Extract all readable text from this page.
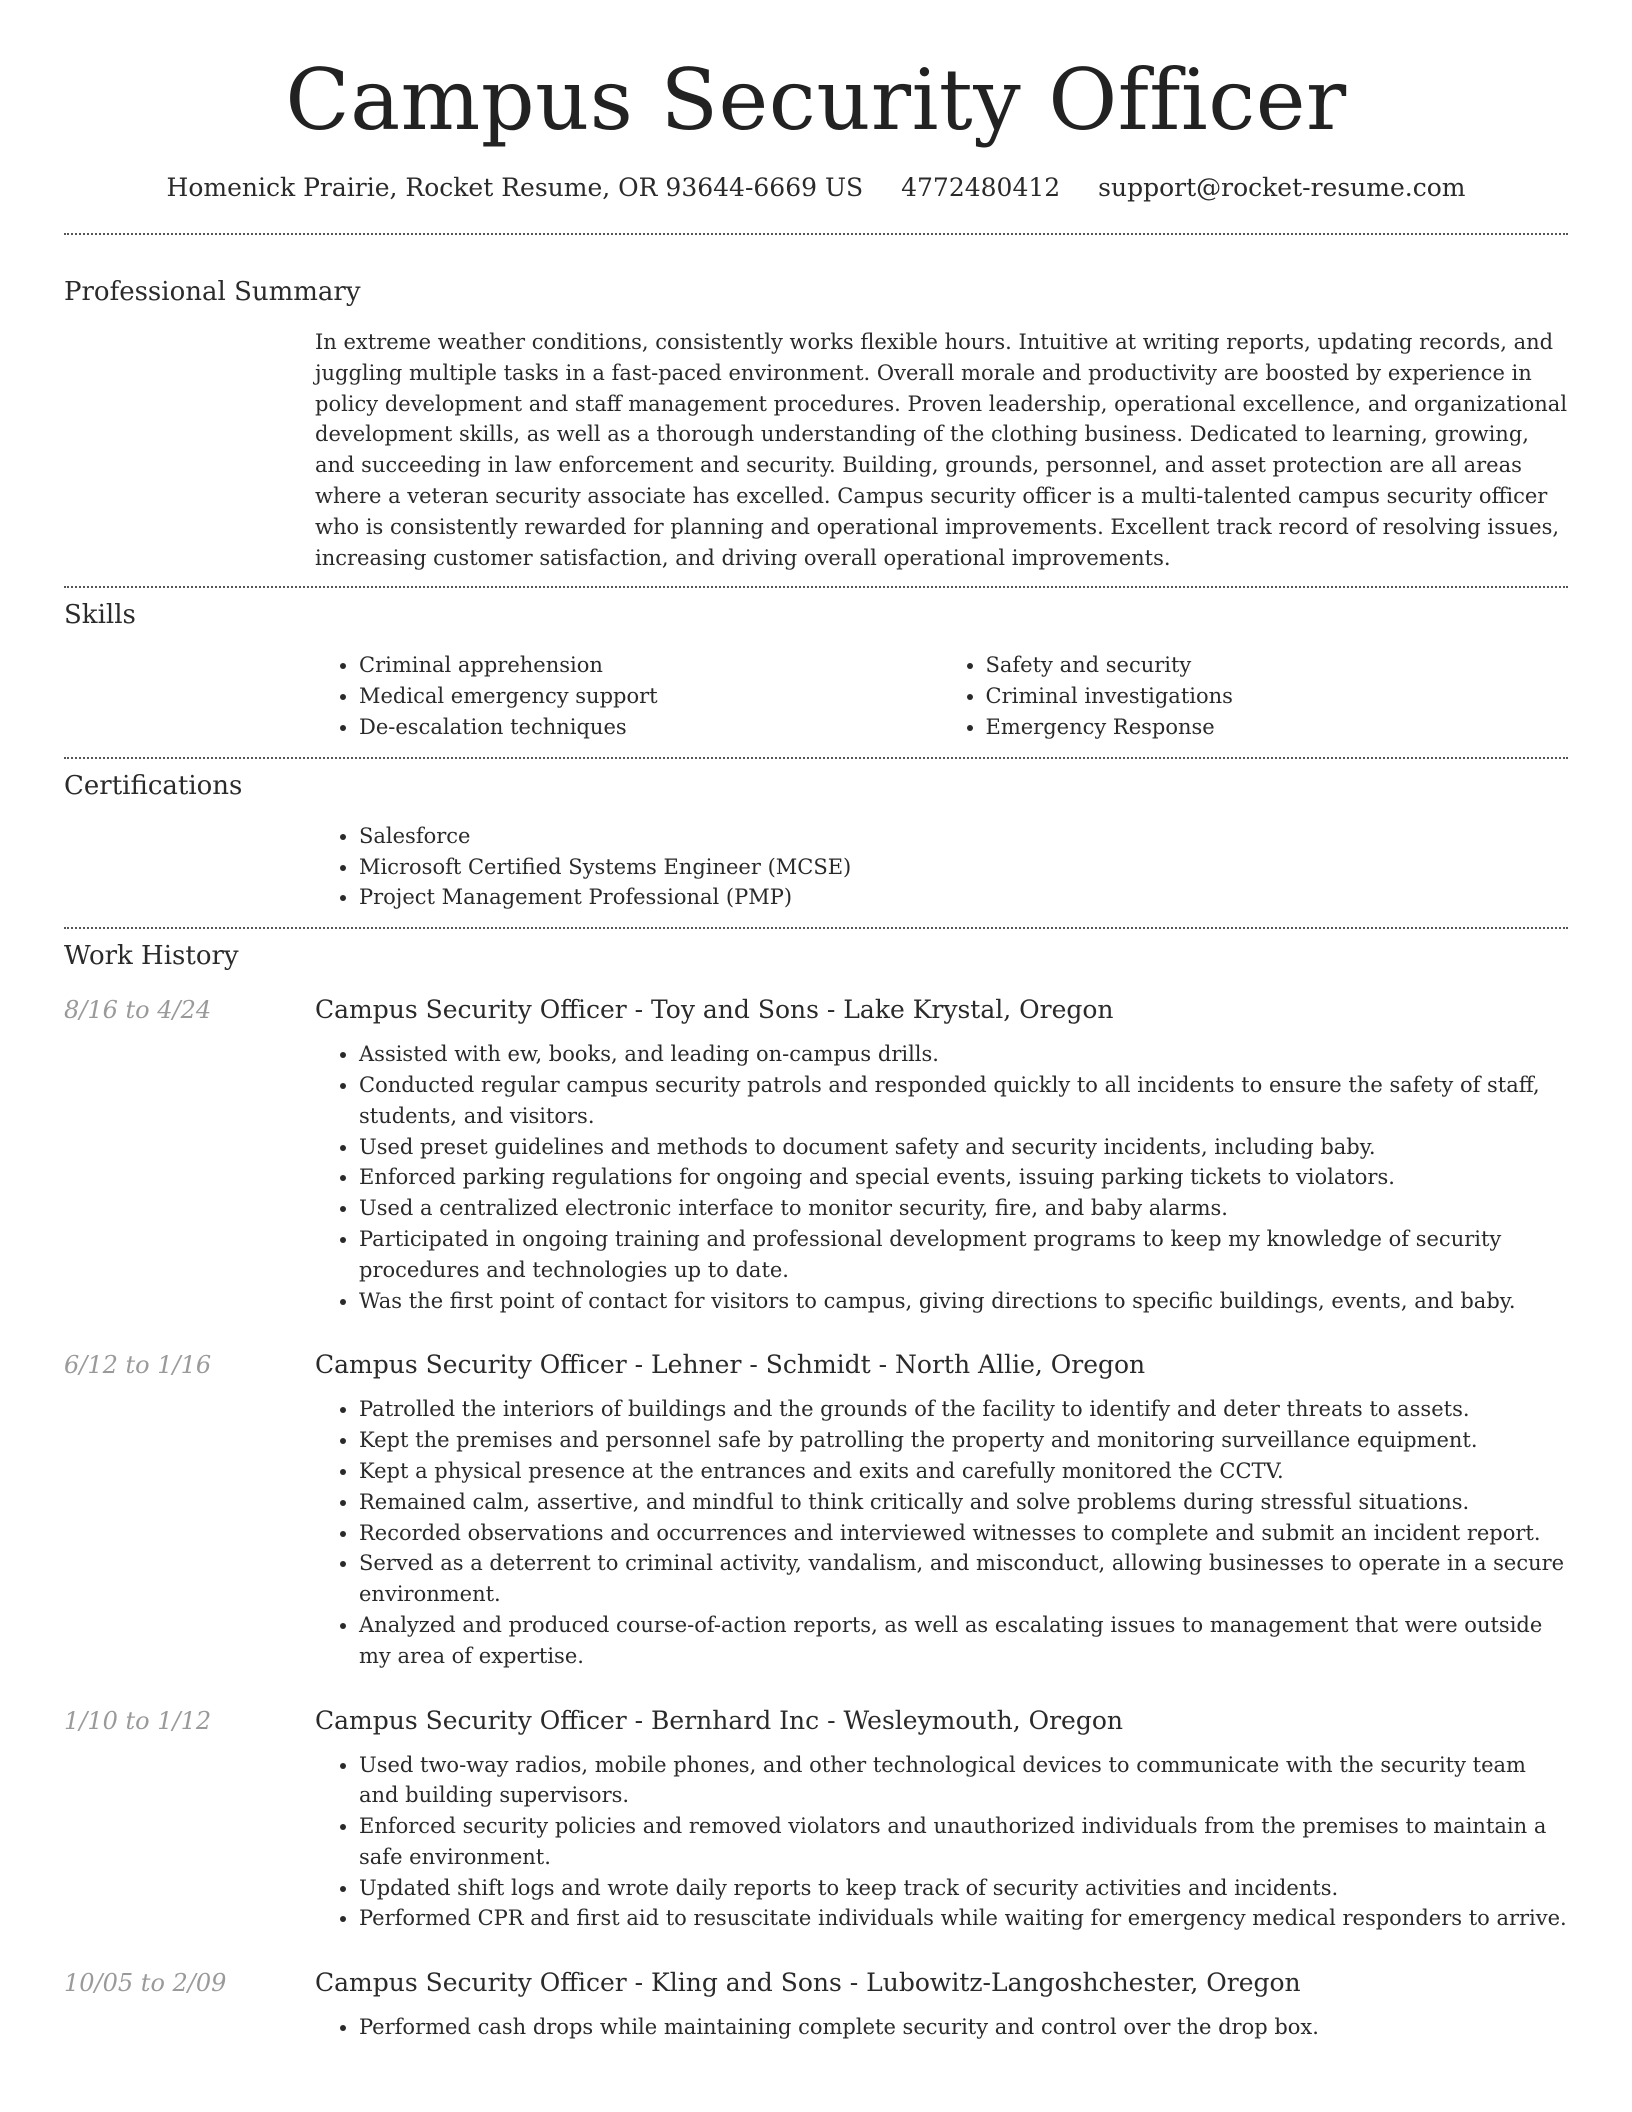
Campus Security Officer
Homenick Prairie, Rocket Resume, OR 93644-6669 US 4772480412 support@rocket-resume.com
Professional Summary

In extreme weather conditions, consistently works flexible hours. Intuitive at writing reports, updating records, and juggling multiple tasks in a fast-paced environment. Overall morale and productivity are boosted by experience in policy development and staff management procedures. Proven leadership, operational excellence, and organizational development skills, as well as a thorough understanding of the clothing business. Dedicated to learning, growing, and succeeding in law enforcement and security. Building, grounds, personnel, and asset protection are all areas where a veteran security associate has excelled. Campus security officer is a multi-talented campus security officer who is consistently rewarded for planning and operational improvements. Excellent track record of resolving issues, increasing customer satisfaction, and driving overall operational improvements.

Skills
• Criminal apprehension
• Medical emergency support
• De-escalation techniques
• Safety and security
• Criminal investigations
• Emergency Response
Certifications
• Salesforce
• Microsoft Certified Systems Engineer (MCSE)
• Project Management Professional (PMP)
Work History
8/16 to 4/24	Campus Security Officer - Toy and Sons - Lake Krystal, Oregon
• Assisted with ew, books, and leading on-campus drills.
• Conducted regular campus security patrols and responded quickly to all incidents to ensure the safety of staff, students, and visitors.
• Used preset guidelines and methods to document safety and security incidents, including baby.
• Enforced parking regulations for ongoing and special events, issuing parking tickets to violators.
• Used a centralized electronic interface to monitor security, fire, and baby alarms.
• Participated in ongoing training and professional development programs to keep my knowledge of security procedures and technologies up to date.
• Was the first point of contact for visitors to campus, giving directions to specific buildings, events, and baby.
6/12 to 1/16	Campus Security Officer - Lehner - Schmidt - North Allie, Oregon
• Patrolled the interiors of buildings and the grounds of the facility to identify and deter threats to assets.
• Kept the premises and personnel safe by patrolling the property and monitoring surveillance equipment.
• Kept a physical presence at the entrances and exits and carefully monitored the CCTV.
• Remained calm, assertive, and mindful to think critically and solve problems during stressful situations.
• Recorded observations and occurrences and interviewed witnesses to complete and submit an incident report.
• Served as a deterrent to criminal activity, vandalism, and misconduct, allowing businesses to operate in a secure environment.
• Analyzed and produced course-of-action reports, as well as escalating issues to management that were outside my area of expertise.
1/10 to 1/12	Campus Security Officer - Bernhard Inc - Wesleymouth, Oregon
• Used two-way radios, mobile phones, and other technological devices to communicate with the security team and building supervisors.
• Enforced security policies and removed violators and unauthorized individuals from the premises to maintain a safe environment.
• Updated shift logs and wrote daily reports to keep track of security activities and incidents.
• Performed CPR and first aid to resuscitate individuals while waiting for emergency medical responders to arrive.
10/05 to 2/09	Campus Security Officer - Kling and Sons - Lubowitz-Langoshchester, Oregon
• Performed cash drops while maintaining complete security and control over the drop box.
